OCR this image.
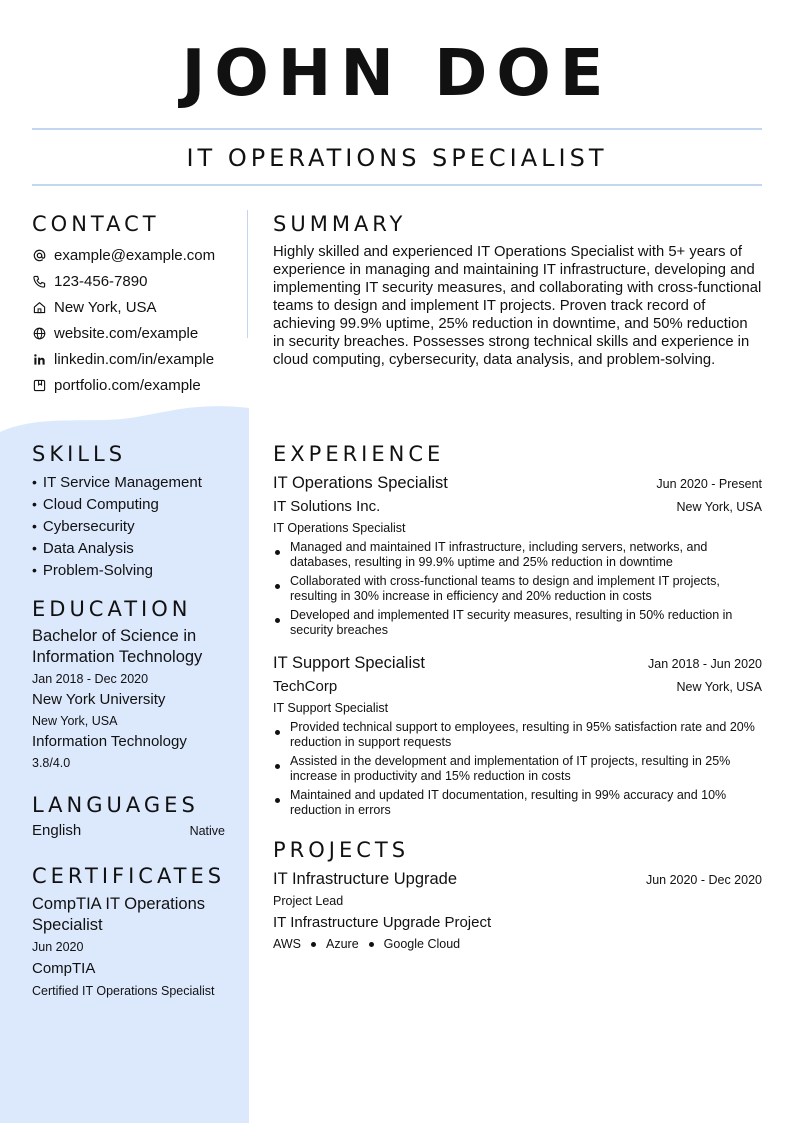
JOHN DOE
IT OPERATIONS SPECIALIST
CONTACT
example@example.com
123-456-7890
New York, USA
website.com/example
linkedin.com/in/example
portfolio.com/example
SKILLS
• IT Service Management
• Cloud Computing
• Cybersecurity
• Data Analysis
• Problem-Solving
EDUCATION
Bachelor of Science in Information Technology
Jan 2018 - Dec 2020
New York University
New York, USA
Information Technology
3.8/4.0
LANGUAGES
English	Native
CERTIFICATES
CompTIA IT Operations Specialist
Jun 2020
CompTIA
Certified IT Operations Specialist
SUMMARY

Highly skilled and experienced IT Operations Specialist with 5+ years of experience in managing and maintaining IT infrastructure, developing and implementing IT security measures, and collaborating with cross-functional teams to design and implement IT projects. Proven track record of achieving 99.9% uptime, 25% reduction in downtime, and 50% reduction in security breaches. Possesses strong technical skills and experience in cloud computing, cybersecurity, data analysis, and problem-solving.

EXPERIENCE
IT Operations Specialist	Jun 2020 - Present
IT Solutions Inc.	New York, USA
IT Operations Specialist
Managed and maintained IT infrastructure, including servers, networks, and databases, resulting in 99.9% uptime and 25% reduction in downtime
Collaborated with cross-functional teams to design and implement IT projects, resulting in 30% increase in efficiency and 20% reduction in costs
Developed and implemented IT security measures, resulting in 50% reduction in security breaches
IT Support Specialist	Jan 2018 - Jun 2020
TechCorp	New York, USA
IT Support Specialist
Provided technical support to employees, resulting in 95% satisfaction rate and 20% reduction in support requests
Assisted in the development and implementation of IT projects, resulting in 25% increase in productivity and 15% reduction in costs
Maintained and updated IT documentation, resulting in 99% accuracy and 10% reduction in errors
PROJECTS
IT Infrastructure Upgrade	Jun 2020 - Dec 2020
Project Lead
IT Infrastructure Upgrade Project
AWS Azure Google Cloud
